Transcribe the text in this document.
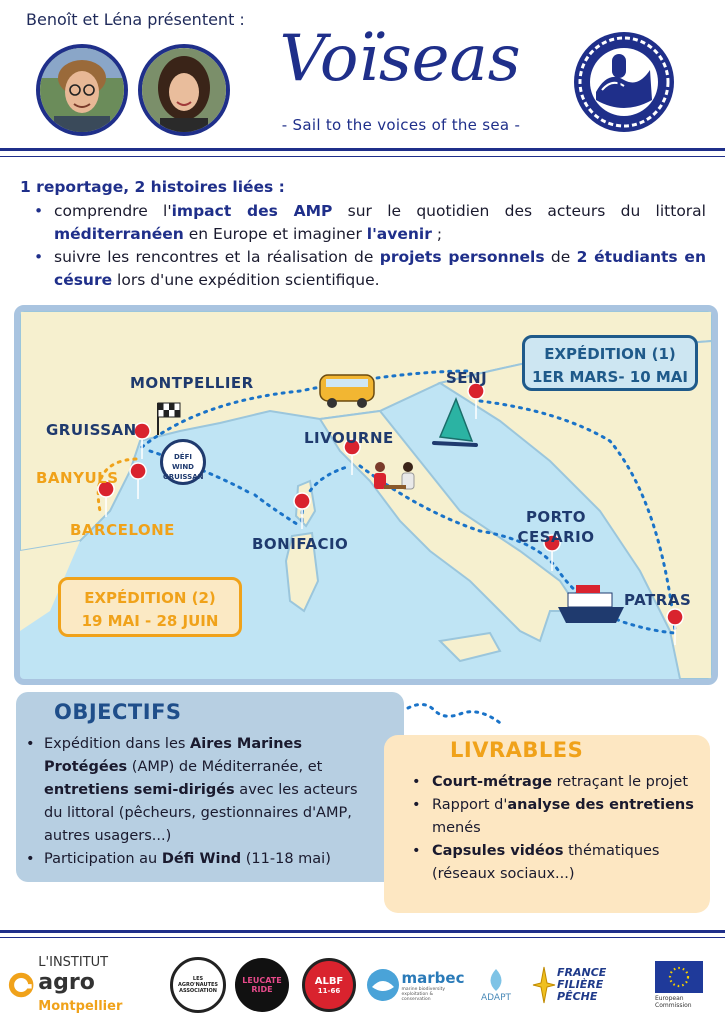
Benoît et Léna présentent :
Voïseas
- Sail to the voices of the sea -
1 reportage, 2 histoires liées :
• comprendre l'impact des AMP sur le quotidien des acteurs du littoral méditerranéen en Europe et imaginer l'avenir ;
• suivre les rencontres et la réalisation de projets personnels de 2 étudiants en césure lors d'une expédition scientifique.
MONTPELLIER
GRUISSAN
BANYULS
BARCELONE
BONIFACIO
LIVOURNE
SENJ
PORTO CESARIO
PATRAS
DÉFI WIND
GRUISSAN
EXPÉDITION (1)
1ER MARS- 10 MAI
EXPÉDITION (2)
19 MAI - 28 JUIN
OBJECTIFS
• Expédition dans les Aires Marines Protégées (AMP) de Méditerranée, et entretiens semi-dirigés avec les acteurs du littoral (pêcheurs, gestionnaires d'AMP, autres usagers...)
• Participation au Défi Wind (11-18 mai)
LIVRABLES
• Court-métrage retraçant le projet
• Rapport d'analyse des entretiens menés
• Capsules vidéos thématiques (réseaux sociaux...)
L'INSTITUT
agro Montpellier
LES AGRO'NAUTES ASSOCIATION
LEUCATE RIDE
ALBF
11-66
marbec
marine biodiversity exploitation & conservation	ADAPT
FRANCE FILIÈRE PÊCHE	European
Commission
